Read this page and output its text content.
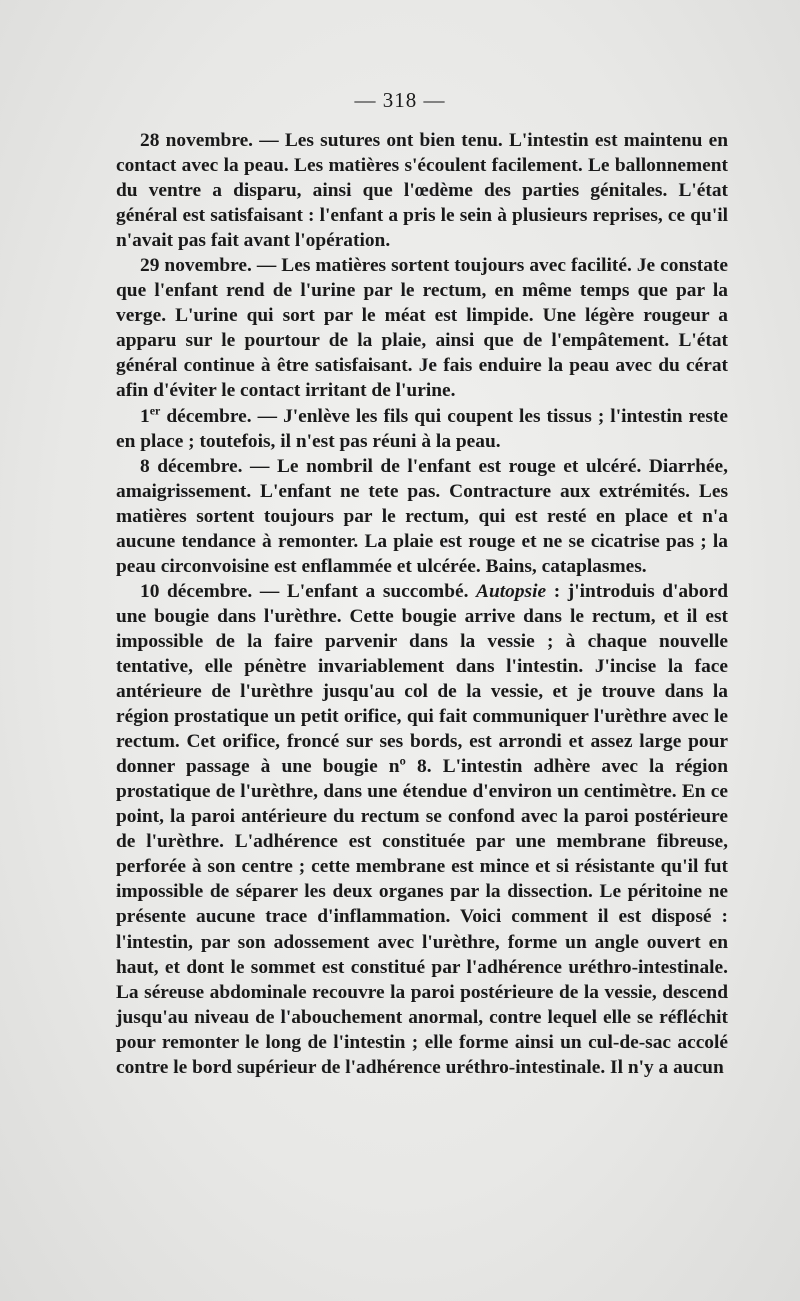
— 318 —

28 novembre. — Les sutures ont bien tenu. L'intestin est maintenu en contact avec la peau. Les matières s'écoulent facilement. Le ballonnement du ventre a disparu, ainsi que l'œdème des parties génitales. L'état général est satisfaisant : l'enfant a pris le sein à plusieurs reprises, ce qu'il n'avait pas fait avant l'opération.

29 novembre. — Les matières sortent toujours avec facilité. Je constate que l'enfant rend de l'urine par le rectum, en même temps que par la verge. L'urine qui sort par le méat est limpide. Une légère rougeur a apparu sur le pourtour de la plaie, ainsi que de l'empâtement. L'état général continue à être satisfaisant. Je fais enduire la peau avec du cérat afin d'éviter le contact irritant de l'urine.

1er décembre. — J'enlève les fils qui coupent les tissus ; l'intestin reste en place ; toutefois, il n'est pas réuni à la peau.

8 décembre. — Le nombril de l'enfant est rouge et ulcéré. Diarrhée, amaigrissement. L'enfant ne tete pas. Contracture aux extrémités. Les matières sortent toujours par le rectum, qui est resté en place et n'a aucune tendance à remonter. La plaie est rouge et ne se cicatrise pas ; la peau circonvoisine est enflammée et ulcérée. Bains, cataplasmes.

10 décembre. — L'enfant a succombé. Autopsie : j'introduis d'abord une bougie dans l'urèthre. Cette bougie arrive dans le rectum, et il est impossible de la faire parvenir dans la vessie ; à chaque nouvelle tentative, elle pénètre invariablement dans l'intestin. J'incise la face antérieure de l'urèthre jusqu'au col de la vessie, et je trouve dans la région prostatique un petit orifice, qui fait communiquer l'urèthre avec le rectum. Cet orifice, froncé sur ses bords, est arrondi et assez large pour donner passage à une bougie nº 8. L'intestin adhère avec la région prostatique de l'urèthre, dans une étendue d'environ un centimètre. En ce point, la paroi antérieure du rectum se confond avec la paroi postérieure de l'urèthre. L'adhérence est constituée par une membrane fibreuse, perforée à son centre ; cette membrane est mince et si résistante qu'il fut impossible de séparer les deux organes par la dissection. Le péritoine ne présente aucune trace d'inflammation. Voici comment il est disposé : l'intestin, par son adossement avec l'urèthre, forme un angle ouvert en haut, et dont le sommet est constitué par l'adhérence uréthro-intestinale. La séreuse abdominale recouvre la paroi postérieure de la vessie, descend jusqu'au niveau de l'abouchement anormal, contre lequel elle se réfléchit pour remonter le long de l'intestin ; elle forme ainsi un cul-de-sac accolé contre le bord supérieur de l'adhérence uréthro-intestinale. Il n'y a aucun
